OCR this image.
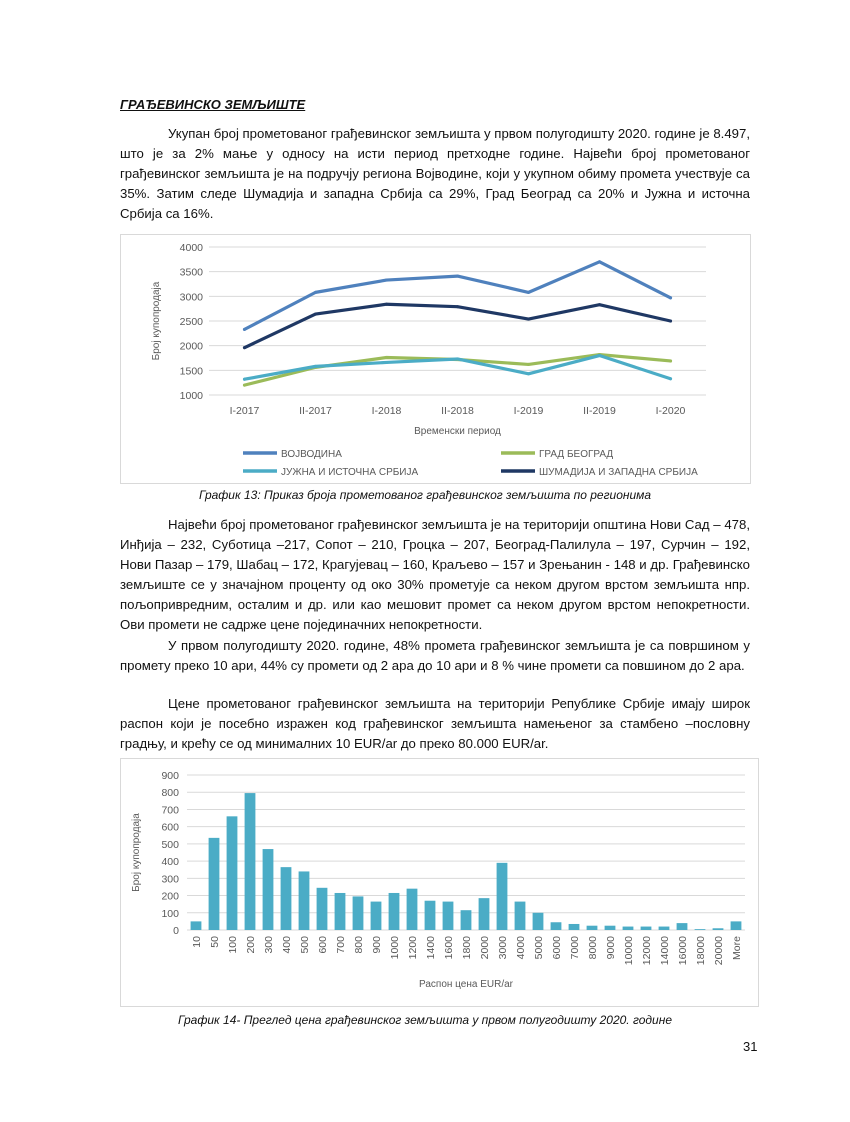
ГРАЂЕВИНСКО ЗЕМЉИШТЕ

Укупан број прометованог грађевинског земљишта у првом полугодишту 2020. године је 8.497, што је за 2% мање у односу на исти период претходне године. Највећи број прометованог грађевинског земљишта је на подручју региона Војводине, који у укупном обиму промета учествује са 35%. Затим следе Шумадија и западна Србија са 29%, Град Београд са 20% и Јужна и источна Србија са 16%.

1000
1500
2000
2500
3000
3500
4000
I-2017	II-2017	I-2018	II-2018	I-2019	II-2019	I-2020
Временски период
Број купопродаја
ВОЈВОДИНА	ГРАД БЕОГРАД
ЈУЖНА И ИСТОЧНА СРБИЈА	ШУМАДИЈА И ЗАПАДНА СРБИЈА
График 13: Приказ броја прометованог грађевинског земљишта по регионима

Највећи број прометованог грађевинског земљишта је на територији општина Нови Сад – 478, Инђија – 232, Суботица –217, Сопот – 210, Гроцка – 207, Београд-Палилула – 197, Сурчин – 192, Нови Пазар – 179, Шабац – 172, Крагујевац – 160, Краљево – 157 и Зрењанин - 148 и др. Грађевинско земљиште се у значајном проценту од око 30% прометује са неком другом врстом земљишта нпр. пољопривредним, осталим и др. или као мешовит промет са неком другом врстом непокретности. Ови промети не садрже цене појединачних непокретности.

У првом полугодишту 2020. године, 48% промета грађевинског земљишта је са површином у промету преко 10 ари, 44% су промети од 2 ара до 10 ари и 8 % чине промети са повшином до 2 ара.

Цене прометованог грађевинског земљишта на територији Републике Србије имају широк распон који је посебно изражен код грађевинског земљишта намењеног за стамбено –пословну градњу, и крећу се од минималних 10 EUR/ar до преко 80.000 EUR/ar.

0
100
200
300
400
500
600
700
800
900
10 50 100 200 300 400 500 600 700 800 900 1000 1200 1400 1600 1800 2000 3000 4000 5000 6000 7000 8000 9000 10000 12000 14000 16000 18000 20000 More
Распон цена EUR/ar
Број купопродаја
График 14- Преглед цена грађевинског земљишта у првом полугодишту 2020. године
31
